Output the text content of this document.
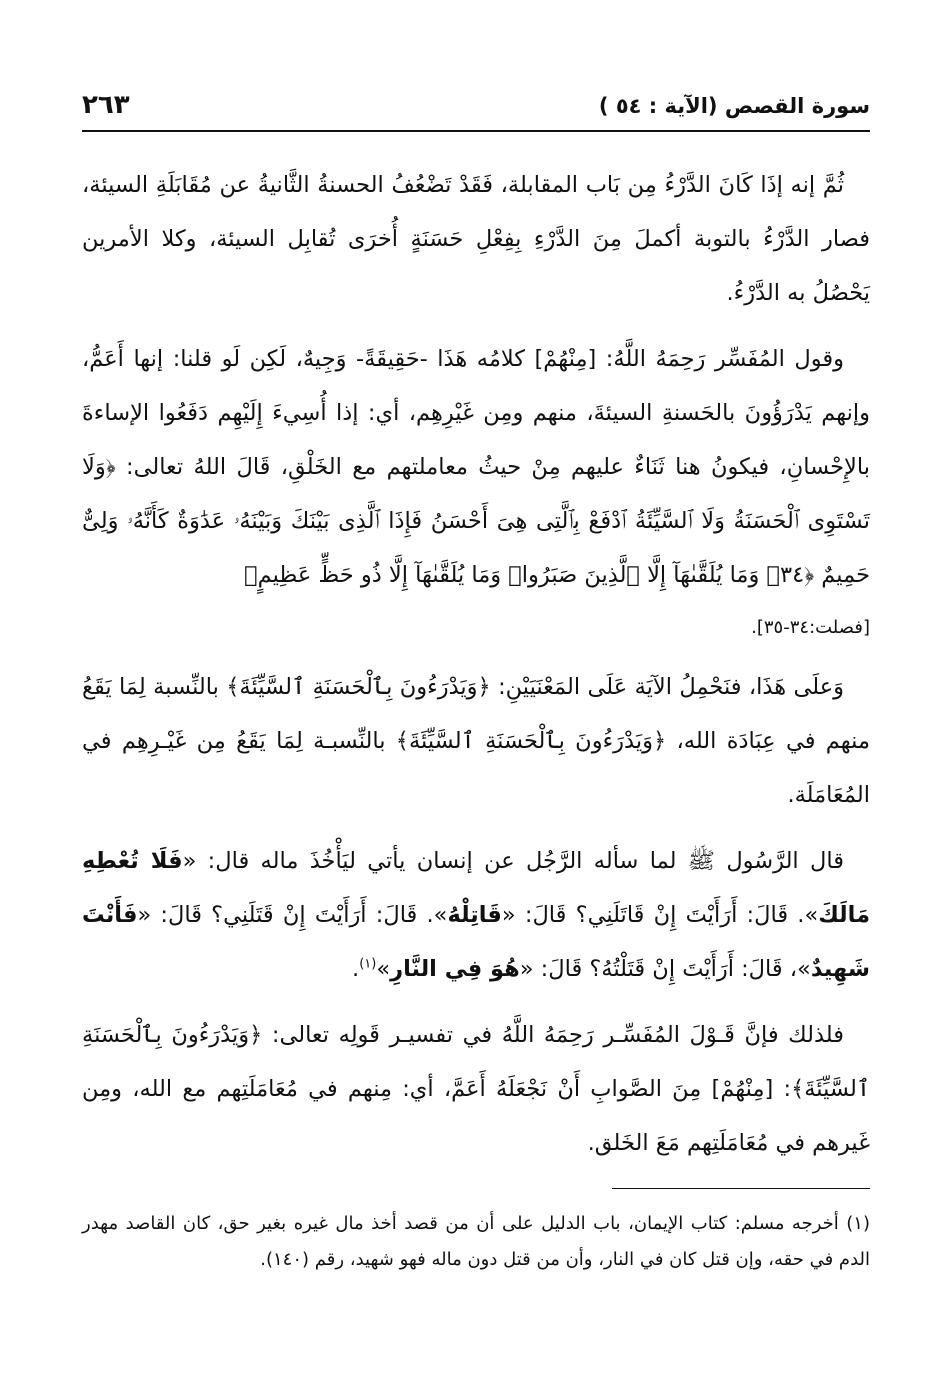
سورة القصص (الآية : ٥٤ )
٢٦٣

ثُمَّ إنه إذَا كَانَ الدَّرْءُ مِن بَاب المقابلة، فَقَدْ تَضْعُفُ الحسنةُ الثَّانيةُ عن مُقَابَلَةِ السيئة، فصار الدَّرْءُ بالتوبة أكملَ مِنَ الدَّرْءِ بِفِعْلِ حَسَنَةٍ أُخرَى تُقابِل السيئة، وكلا الأمرين يَحْصُلُ به الدَّرْءُ.

وقول المُفَسِّر رَحِمَهُ اللَّهُ: [مِنْهُمْ] كلامُه هَذَا -حَقِيقَةً- وَجِيهٌ، لَكِن لَو قلنا: إنها أَعَمُّ، وإنهم يَدْرَؤُونَ بالحَسنةِ السيئةَ، منهم ومِن غَيْرِهِم، أي: إذا أُسِيءَ إِلَيْهِم دَفَعُوا الإساءةَ بالإِحْسانِ، فيكونُ هنا ثَنَاءٌ عليهم مِنْ حيثُ معاملتهم مع الخَلْقِ، قَالَ اللهُ تعالى: ﴿وَلَا تَسْتَوِى ٱلْحَسَنَةُ وَلَا ٱلسَّيِّئَةُ ٱدْفَعْ بِٱلَّتِى هِىَ أَحْسَنُ فَإِذَا ٱلَّذِى بَيْنَكَ وَبَيْنَهُۥ عَدَٰوَةٌ كَأَنَّهُۥ وَلِىٌّ حَمِيمٌ ﴿٣٤﴾ وَمَا يُلَقَّىٰهَآ إِلَّا ٱلَّذِينَ صَبَرُوا۟ وَمَا يُلَقَّىٰهَآ إِلَّا ذُو حَظٍّ عَظِيمٍ﴾

[فصلت:٣٤-٣٥].

وَعلَى هَذَا، فنَحْمِلُ الآيَة عَلَى المَعْنَيَيْنِ: ﴿وَيَدْرَءُونَ بِٱلْحَسَنَةِ ٱلسَّيِّئَةَ﴾ بالنِّسبة لِمَا يَقَعُ منهم في عِبَادَة الله، ﴿وَيَدْرَءُونَ بِٱلْحَسَنَةِ ٱلسَّيِّئَةَ﴾ بالنِّسبـة لِمَا يَقَعُ مِن غَيْـرِهِم في المُعَامَلَة.

قال الرَّسُول ﷺ لما سأله الرَّجُل عن إنسان يأتي ليَأْخُذَ ماله قال: «فَلَا تُعْطِهِ مَالَكَ». قَالَ: أَرَأَيْتَ إِنْ قَاتَلَنِي؟ قَالَ: «قَاتِلْهُ». قَالَ: أَرَأَيْتَ إِنْ قَتَلَنِي؟ قَالَ: «فَأَنْتَ شَهِيدٌ»، قَالَ: أَرَأَيْتَ إِنْ قَتَلْتُهُ؟ قَالَ: «هُوَ فِي النَّارِ»$^{(١)}$.

فلذلك فإنَّ قَـوْلَ المُفَسِّـر رَحِمَهُ اللَّهُ في تفسيـر قَولِه تعالى: ﴿وَيَدْرَءُونَ بِٱلْحَسَنَةِ ٱلسَّيِّئَةَ﴾: [مِنْهُمْ] مِنَ الصَّوابِ أَنْ نَجْعَلَهُ أَعَمَّ، أي: مِنهم في مُعَامَلَتِهم مع الله، ومِن غَيرهم في مُعَامَلَتِهم مَعَ الخَلق.

(١) أخرجه مسلم: كتاب الإيمان، باب الدليل على أن من قصد أخذ مال غيره بغير حق، كان القاصد مهدر الدم في حقه، وإن قتل كان في النار، وأن من قتل دون ماله فهو شهيد، رقم (١٤٠).
